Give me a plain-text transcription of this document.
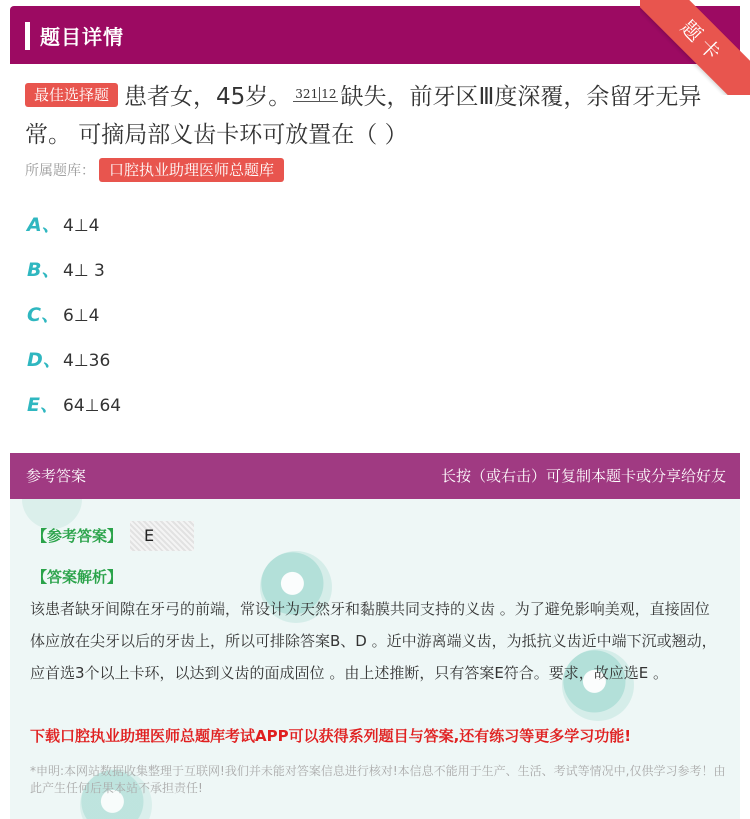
题目详情	题卡
最佳选择题 患者女，45岁。 321 12 缺失，前牙区Ⅲ度深覆，余留牙无异常。 可摘局部义齿卡环可放置在（ ）
所属题库： 口腔执业助理医师总题库
A、 4⊥4
B、 4⊥ 3
C、 6⊥4
D、4⊥36
E、 64⊥64
参考答案	长按（或右击）可复制本题卡或分享给好友
【参考答案】	E
【答案解析】
该患者缺牙间隙在牙弓的前端，常设计为天然牙和黏膜共同支持的义齿 。为了避免影响美观，直接固位体应放在尖牙以后的牙齿上，所以可排除答案B、D 。近中游离端义齿，为抵抗义齿近中端下沉或翘动，应首选3个以上卡环，以达到义齿的面成固位 。由上述推断，只有答案E符合。要求，故应选E 。
下载口腔执业助理医师总题库考试APP可以获得系列题目与答案,还有练习等更多学习功能!
*申明:本网站数据收集整理于互联网!我们并未能对答案信息进行核对!本信息不能用于生产、生活、考试等情况中,仅供学习参考！由此产生任何后果本站不承担责任!
